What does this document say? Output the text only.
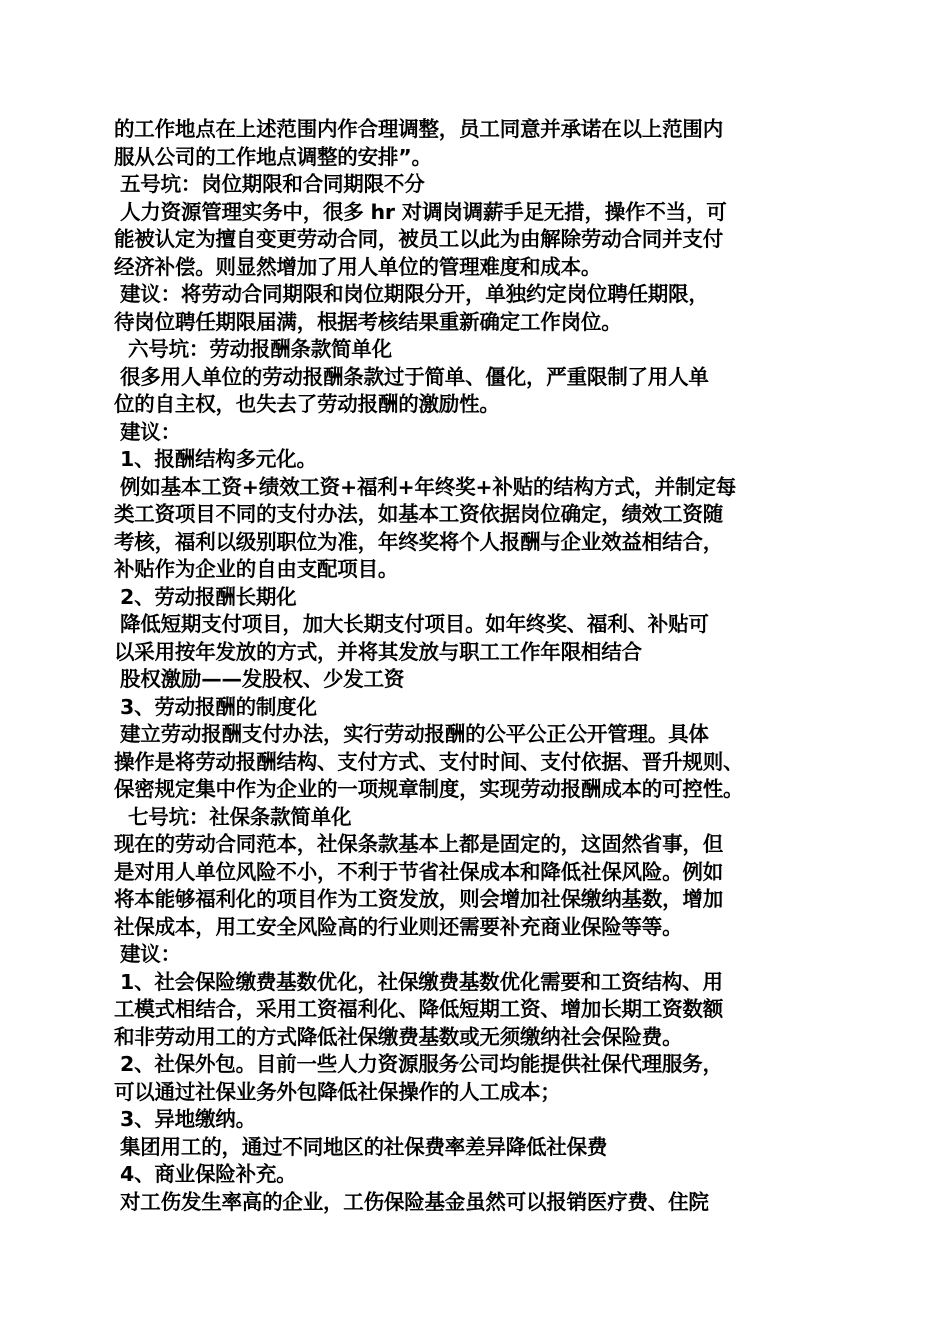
的工作地点在上述范围内作合理调整，员工同意并承诺在以上范围内
服从公司的工作地点调整的安排”。
五号坑：岗位期限和合同期限不分
人力资源管理实务中，很多 hr 对调岗调薪手足无措，操作不当，可
能被认定为擅自变更劳动合同，被员工以此为由解除劳动合同并支付
经济补偿。则显然增加了用人单位的管理难度和成本。
建议：将劳动合同期限和岗位期限分开，单独约定岗位聘任期限，
待岗位聘任期限届满，根据考核结果重新确定工作岗位。
六号坑：劳动报酬条款简单化
很多用人单位的劳动报酬条款过于简单、僵化，严重限制了用人单
位的自主权，也失去了劳动报酬的激励性。
建议：
1、报酬结构多元化。
例如基本工资+绩效工资+福利+年终奖+补贴的结构方式，并制定每
类工资项目不同的支付办法，如基本工资依据岗位确定，绩效工资随
考核，福利以级别职位为准，年终奖将个人报酬与企业效益相结合，
补贴作为企业的自由支配项目。
2、劳动报酬长期化
降低短期支付项目，加大长期支付项目。如年终奖、福利、补贴可
以采用按年发放的方式，并将其发放与职工工作年限相结合
股权激励——发股权、少发工资
3、劳动报酬的制度化
建立劳动报酬支付办法，实行劳动报酬的公平公正公开管理。具体
操作是将劳动报酬结构、支付方式、支付时间、支付依据、晋升规则、
保密规定集中作为企业的一项规章制度，实现劳动报酬成本的可控性。
七号坑：社保条款简单化
现在的劳动合同范本，社保条款基本上都是固定的，这固然省事，但
是对用人单位风险不小，不利于节省社保成本和降低社保风险。例如
将本能够福利化的项目作为工资发放，则会增加社保缴纳基数，增加
社保成本，用工安全风险高的行业则还需要补充商业保险等等。
建议：
1、社会保险缴费基数优化，社保缴费基数优化需要和工资结构、用
工模式相结合，采用工资福利化、降低短期工资、增加长期工资数额
和非劳动用工的方式降低社保缴费基数或无须缴纳社会保险费。
2、社保外包。目前一些人力资源服务公司均能提供社保代理服务，
可以通过社保业务外包降低社保操作的人工成本；
3、异地缴纳。
集团用工的，通过不同地区的社保费率差异降低社保费
4、商业保险补充。
对工伤发生率高的企业，工伤保险基金虽然可以报销医疗费、住院
